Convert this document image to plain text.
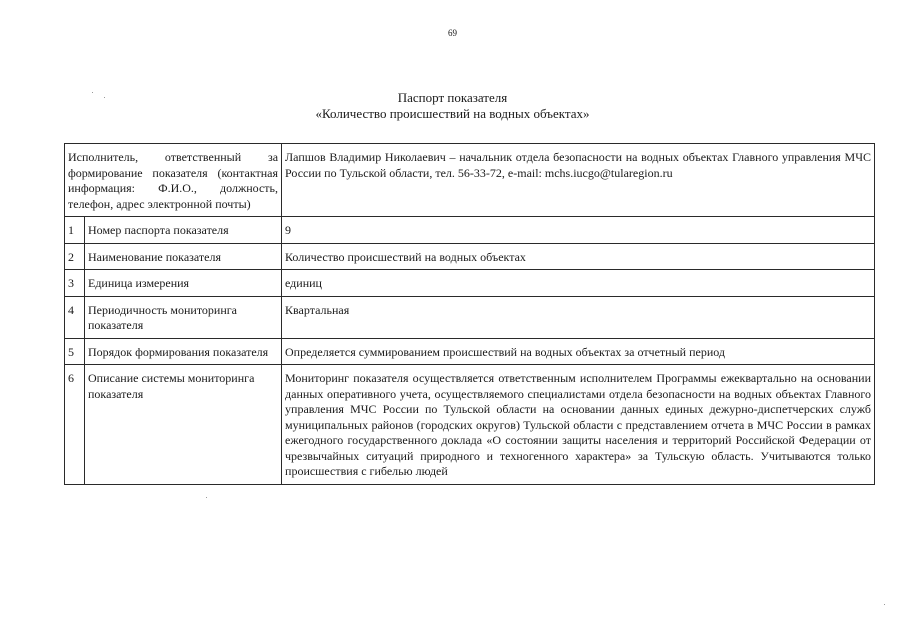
69
Паспорт показателя
«Количество происшествий на водных объектах»
Исполнитель, ответственный за формирование показателя (контактная информация: Ф.И.О., должность, телефон, адрес электронной почты)		Лапшов Владимир Николаевич – начальник отдела безопасности на водных объектах Главного управления МЧС России по Тульской области, тел. 56-33-72, e-mail: mchs.iucgo@tularegion.ru
1	Номер паспорта показателя	9
2	Наименование показателя	Количество происшествий на водных объектах
3	Единица измерения	единиц
4	Периодичность мониторинга показателя	Квартальная
5	Порядок формирования показателя	Определяется суммированием происшествий на водных объектах за отчетный период
6	Описание системы мониторинга показателя	Мониторинг показателя осуществляется ответственным исполнителем Программы ежеквартально на основании данных оперативного учета, осуществляемого специалистами отдела безопасности на водных объектах Главного управления МЧС России по Тульской области на основании данных единых дежурно-диспетчерских служб муниципальных районов (городских округов) Тульской области с представлением отчета в МЧС России в рамках ежегодного государственного доклада «О состоянии защиты населения и территорий Российской Федерации от чрезвычайных ситуаций природного и техногенного характера» за Тульскую область. Учитываются только происшествия с гибелью людей
